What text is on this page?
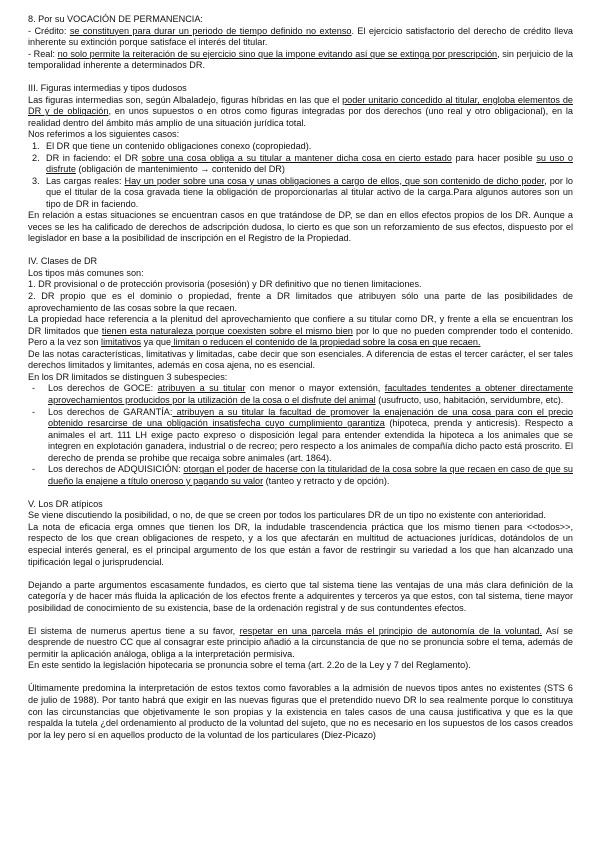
8. Por su VOCACIÓN DE PERMANENCIA:

- Crédito: se constituyen para durar un periodo de tiempo definido no extenso. El ejercicio satisfactorio del derecho de crédito lleva inherente su extinción porque satisface el interés del titular.

- Real: no solo permite la reiteración de su ejercicio sino que la impone evitando así que se extinga por prescripción, sin perjuicio de la temporalidad inherente a determinados DR.

III. Figuras intermedias y tipos dudosos

Las figuras intermedias son, según Albaladejo, figuras híbridas en las que el poder unitario concedido al titular, engloba elementos de DR y de obligación, en unos supuestos o en otros como figuras integradas por dos derechos (uno real y otro obligacional), en la realidad dentro del ámbito más amplio de una situación jurídica total.

Nos referimos a los siguientes casos:

1. El DR que tiene un contenido obligaciones conexo (copropiedad).
2. DR in faciendo: el DR sobre una cosa obliga a su titular a mantener dicha cosa en cierto estado para hacer posible su uso o disfrute (obligación de mantenimiento → contenido del DR)
3. Las cargas reales: Hay un poder sobre una cosa y unas obligaciones a cargo de ellos, que son contenido de dicho poder, por lo que el titular de la cosa gravada tiene la obligación de proporcionarlas al titular activo de la carga.Para algunos autores son un tipo de DR in faciendo.

En relación a estas situaciones se encuentran casos en que tratándose de DP, se dan en ellos efectos propios de los DR. Aunque a veces se les ha calificado de derechos de adscripción dudosa, lo cierto es que son un reforzamiento de sus efectos, dispuesto por el legislador en base a la posibilidad de inscripción en el Registro de la Propiedad.

IV. Clases de DR

Los tipos más comunes son:

1. DR provisional o de protección provisoria (posesión) y DR definitivo que no tienen limitaciones.

2. DR propio que es el dominio o propiedad, frente a DR limitados que atribuyen sólo una parte de las posibilidades de aprovechamiento de las cosas sobre la que recaen.

La propiedad hace referencia a la plenitud del aprovechamiento que confiere a su titular como DR, y frente a ella se encuentran los DR limitados que tienen esta naturaleza porque coexisten sobre el mismo bien por lo que no pueden comprender todo el contenido. Pero a la vez son limitativos ya que limitan o reducen el contenido de la propiedad sobre la cosa en que recaen.

De las notas características, limitativas y limitadas, cabe decir que son esenciales. A diferencia de estas el tercer carácter, el ser tales derechos limitados y limitantes, además en cosa ajena, no es esencial.

En los DR limitados se distinguen 3 subespecies:

-	Los derechos de GOCE: atribuyen a su titular con menor o mayor extensión, facultades tendentes a obtener directamente aprovechamientos producidos por la utilización de la cosa o el disfrute del animal (usufructo, uso, habitación, servidumbre, etc).
-	Los derechos de GARANTÍA: atribuyen a su titular la facultad de promover la enajenación de una cosa para con el precio obtenido resarcirse de una obligación insatisfecha cuyo cumplimiento garantiza (hipoteca, prenda y anticresis). Respecto a animales el art. 111 LH exige pacto expreso o disposición legal para entender extendida la hipoteca a los animales que se integren en explotación ganadera, industrial o de recreo; pero respecto a los animales de compañía dicho pacto está proscrito. El derecho de prenda se prohibe que recaiga sobre animales (art. 1864).
-	Los derechos de ADQUISICIÓN: otorgan el poder de hacerse con la titularidad de la cosa sobre la que recaen en caso de que su dueño la enajene a título oneroso y pagando su valor (tanteo y retracto y de opción).

V. Los DR atípicos

Se viene discutiendo la posibilidad, o no, de que se creen por todos los particulares DR de un tipo no existente con anterioridad.

La nota de eficacia erga omnes que tienen los DR, la indudable trascendencia práctica que los mismo tienen para <<todos>>, respecto de los que crean obligaciones de respeto, y a los que afectarán en multitud de actuaciones jurídicas, dotándolos de un especial interés general, es el principal argumento de los que están a favor de restringir su variedad a los que han alcanzado una tipificación legal o jurisprudencial.

Dejando a parte argumentos escasamente fundados, es cierto que tal sistema tiene las ventajas de una más clara definición de la categoría y de hacer más fluida la aplicación de los efectos frente a adquirentes y terceros ya que estos, con tal sistema, tiene mayor posibilidad de conocimiento de su existencia, base de la ordenación registral y de sus contundentes efectos.

El sistema de numerus apertus tiene a su favor, respetar en una parcela más el principio de autonomía de la voluntad. Así se desprende de nuestro CC que al consagrar este principio añadió a la circunstancia de que no se pronuncia sobre el tema, además de permitir la aplicación análoga, obliga a la interpretación permisiva.

En este sentido la legislación hipotecaria se pronuncia sobre el tema (art. 2.2o de la Ley y 7 del Reglamento).

Últimamente predomina la interpretación de estos textos como favorables a la admisión de nuevos tipos antes no existentes (STS 6 de julio de 1988). Por tanto habrá que exigir en las nuevas figuras que el pretendido nuevo DR lo sea realmente porque lo constituya con las circunstancias que objetivamente le son propias y la existencia en tales casos de una causa justificativa y que es la que respalda la tutela ¿del ordenamiento al producto de la voluntad del sujeto, que no es necesario en los supuestos de los casos creados por la ley pero sí en aquellos producto de la voluntad de los particulares (Diez-Picazo)
